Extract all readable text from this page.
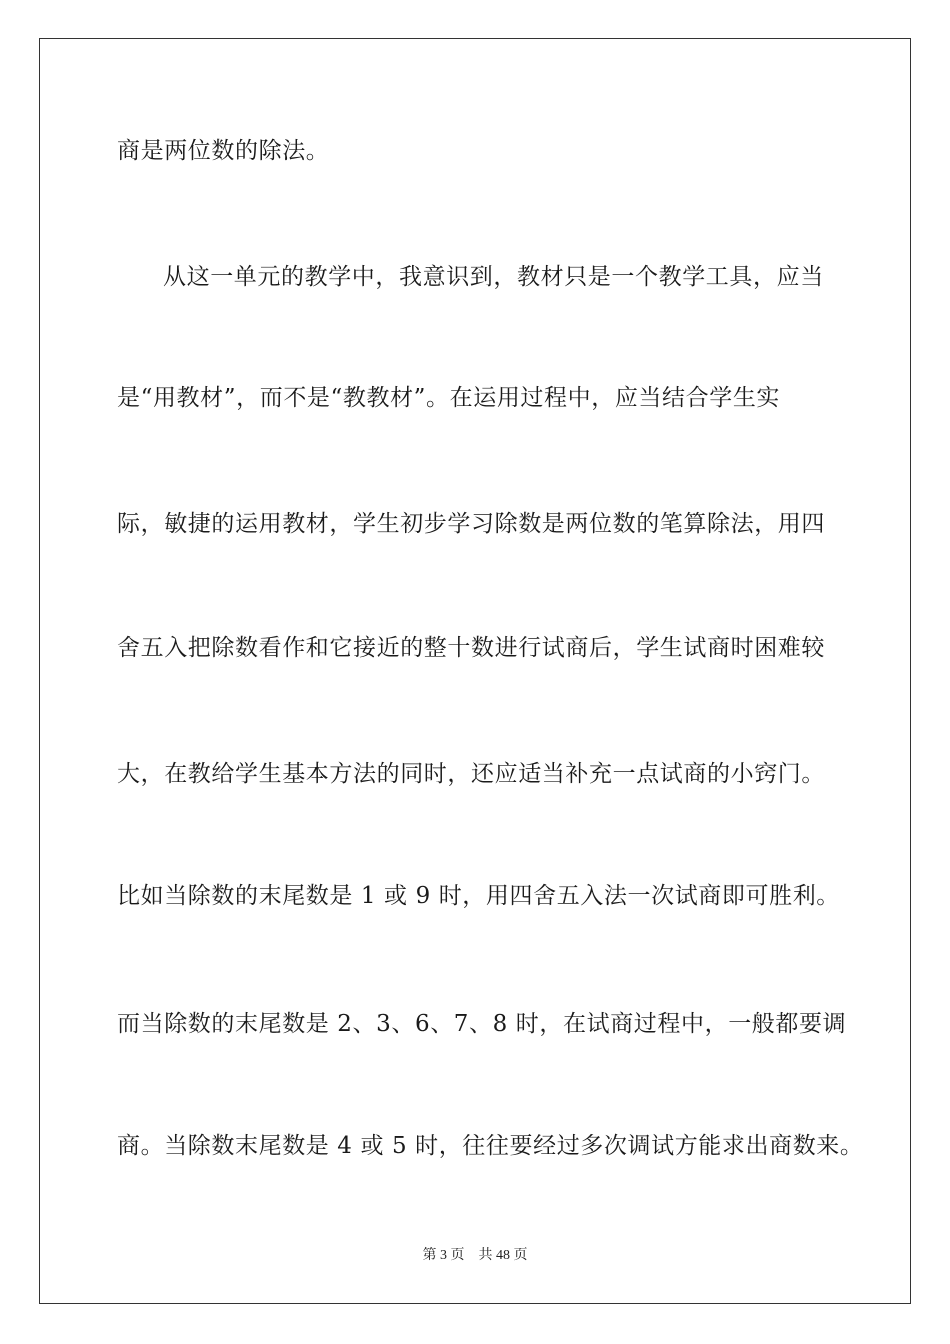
商是两位数的除法。
从这一单元的教学中，我意识到，教材只是一个教学工具，应当
是“用教材”，而不是“教教材”。在运用过程中，应当结合学生实
际，敏捷的运用教材，学生初步学习除数是两位数的笔算除法，用四
舍五入把除数看作和它接近的整十数进行试商后，学生试商时困难较
大，在教给学生基本方法的同时，还应适当补充一点试商的小窍门。
比如当除数的末尾数是 1 或 9 时，用四舍五入法一次试商即可胜利。
而当除数的末尾数是 2、3、6、7、8 时，在试商过程中，一般都要调
商。当除数末尾数是 4 或 5 时，往往要经过多次调试方能求出商数来。
第 3 页 共 48 页
